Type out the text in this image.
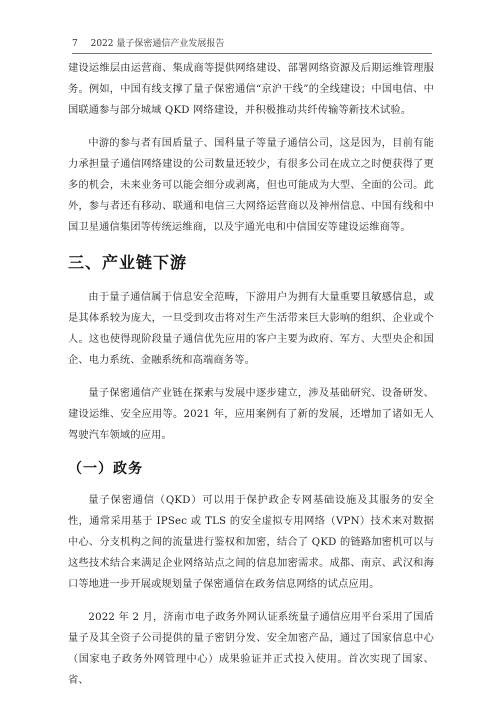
7 2022 量子保密通信产业发展报告

建设运维层由运营商、集成商等提供网络建设、部署网络资源及后期运维管理服务。例如，中国有线支撑了量子保密通信“京沪干线”的全线建设；中国电信、中国联通参与部分城域 QKD 网络建设，并积极推动共纤传输等新技术试验。

中游的参与者有国盾量子、国科量子等量子通信公司，这是因为，目前有能力承担量子通信网络建设的公司数量还较少，有很多公司在成立之时便获得了更多的机会，未来业务可以能会细分或剥离，但也可能成为大型、全面的公司。此外，参与者还有移动、联通和电信三大网络运营商以及神州信息、中国有线和中国卫星通信集团等传统运维商，以及宇通光电和中信国安等建设运维商等。

三、产业链下游

由于量子通信属于信息安全范畴，下游用户为拥有大量重要且敏感信息，或是其体系较为庞大，一旦受到攻击将对生产生活带来巨大影响的组织、企业或个人。这也使得现阶段量子通信优先应用的客户主要为政府、军方、大型央企和国企、电力系统、金融系统和高端商务等。

量子保密通信产业链在探索与发展中逐步建立，涉及基础研究、设备研发、建设运维、安全应用等。2021 年，应用案例有了新的发展，还增加了诸如无人驾驶汽车领域的应用。

（一）政务

量子保密通信（QKD）可以用于保护政企专网基础设施及其服务的安全性，通常采用基于 IPSec 或 TLS 的安全虚拟专用网络（VPN）技术来对数据中心、分支机构之间的流量进行鉴权和加密，结合了 QKD 的链路加密机可以与这些技术结合来满足企业网络站点之间的信息加密需求。成都、南京、武汉和海口等地进一步开展或规划量子保密通信在政务信息网络的试点应用。

2022 年 2 月，济南市电子政务外网认证系统量子通信应用平台采用了国盾量子及其全资子公司提供的量子密钥分发、安全加密产品，通过了国家信息中心（国家电子政务外网管理中心）成果验证并正式投入使用。首次实现了国家、省、
